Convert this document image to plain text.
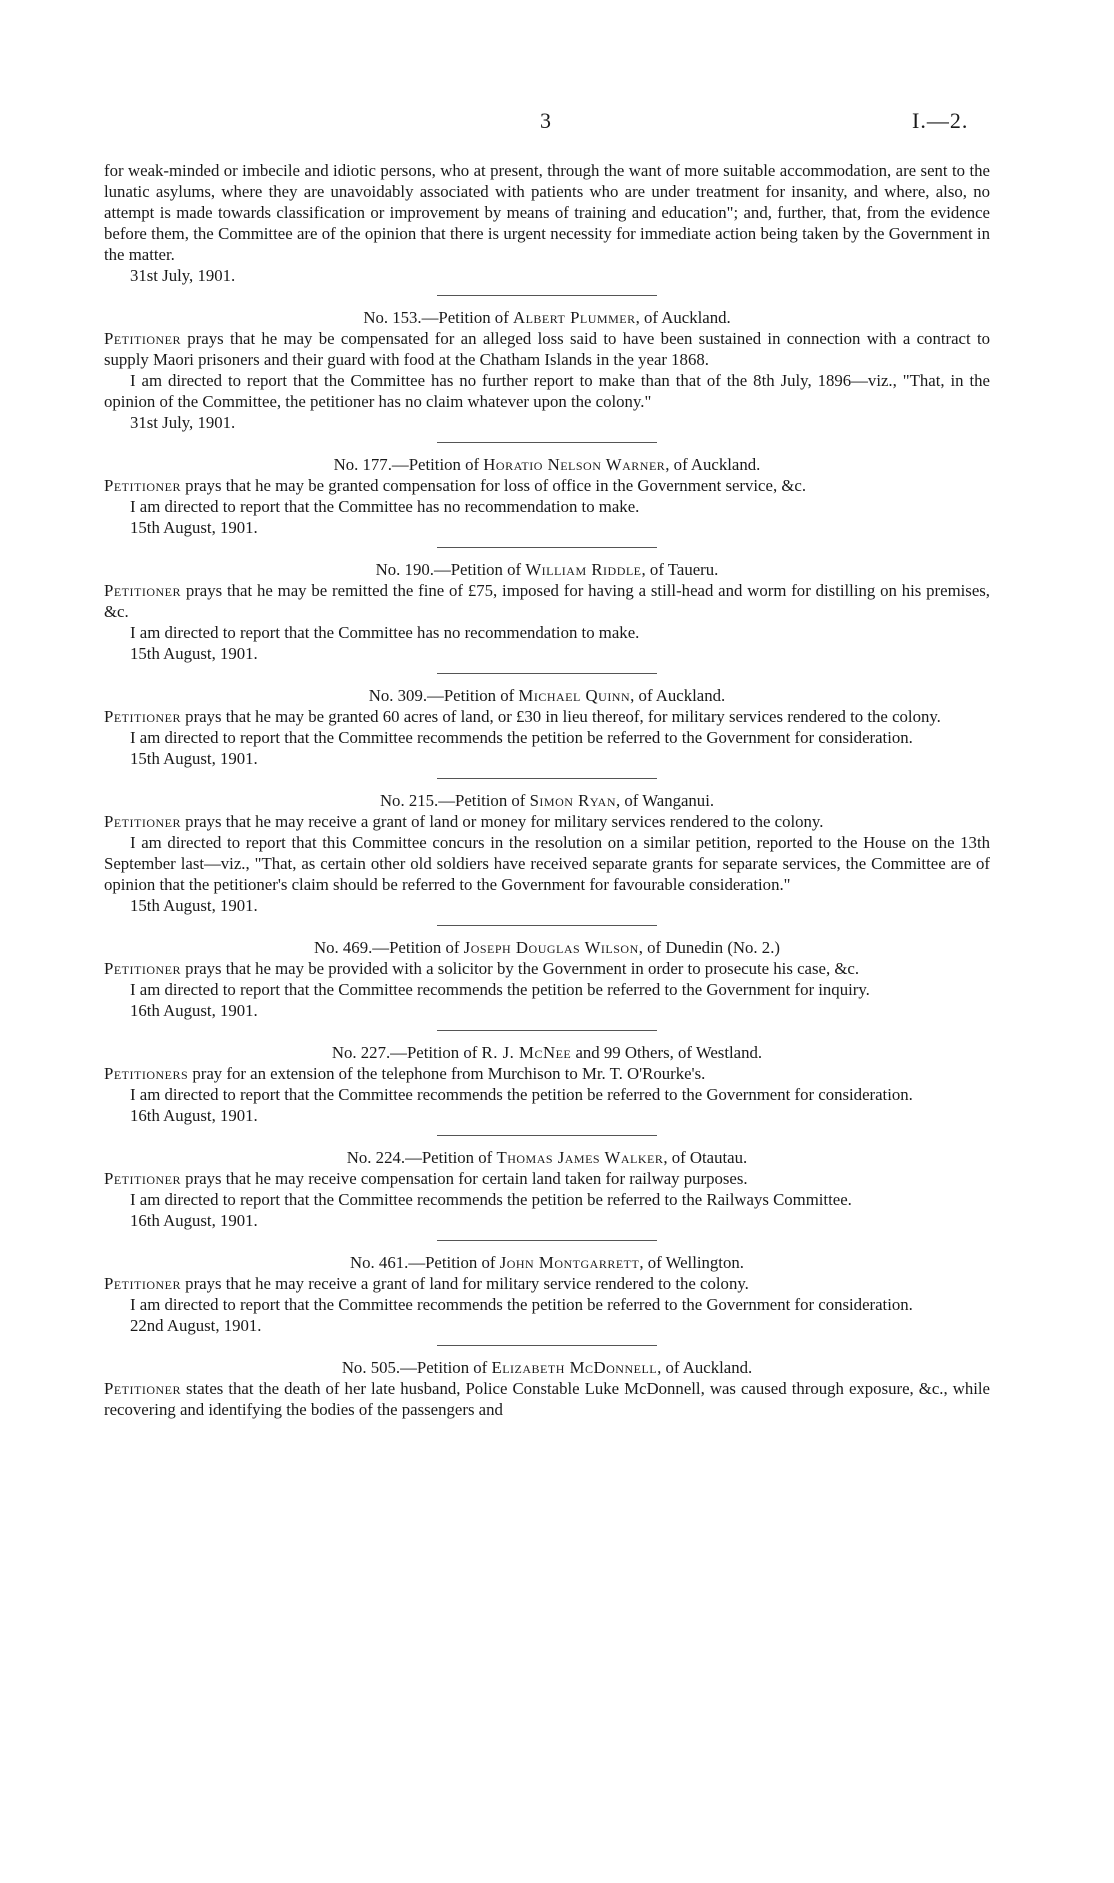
3	I.—2.

for weak-minded or imbecile and idiotic persons, who at present, through the want of more suitable accommodation, are sent to the lunatic asylums, where they are unavoidably associated with patients who are under treatment for insanity, and where, also, no attempt is made towards classification or improvement by means of training and education"; and, further, that, from the evidence before them, the Committee are of the opinion that there is urgent necessity for immediate action being taken by the Government in the matter.

31st July, 1901.

No. 153.—Petition of Albert Plummer, of Auckland.

Petitioner prays that he may be compensated for an alleged loss said to have been sustained in connection with a contract to supply Maori prisoners and their guard with food at the Chatham Islands in the year 1868.

I am directed to report that the Committee has no further report to make than that of the 8th July, 1896—viz., "That, in the opinion of the Committee, the petitioner has no claim whatever upon the colony."

31st July, 1901.

No. 177.—Petition of Horatio Nelson Warner, of Auckland.

Petitioner prays that he may be granted compensation for loss of office in the Government service, &c.

I am directed to report that the Committee has no recommendation to make.

15th August, 1901.

No. 190.—Petition of William Riddle, of Taueru.

Petitioner prays that he may be remitted the fine of £75, imposed for having a still-head and worm for distilling on his premises, &c.

I am directed to report that the Committee has no recommendation to make.

15th August, 1901.

No. 309.—Petition of Michael Quinn, of Auckland.

Petitioner prays that he may be granted 60 acres of land, or £30 in lieu thereof, for military services rendered to the colony.

I am directed to report that the Committee recommends the petition be referred to the Government for consideration.

15th August, 1901.

No. 215.—Petition of Simon Ryan, of Wanganui.

Petitioner prays that he may receive a grant of land or money for military services rendered to the colony.

I am directed to report that this Committee concurs in the resolution on a similar petition, reported to the House on the 13th September last—viz., "That, as certain other old soldiers have received separate grants for separate services, the Committee are of opinion that the petitioner's claim should be referred to the Government for favourable consideration."

15th August, 1901.

No. 469.—Petition of Joseph Douglas Wilson, of Dunedin (No. 2.)

Petitioner prays that he may be provided with a solicitor by the Government in order to prosecute his case, &c.

I am directed to report that the Committee recommends the petition be referred to the Government for inquiry.

16th August, 1901.

No. 227.—Petition of R. J. McNee and 99 Others, of Westland.

Petitioners pray for an extension of the telephone from Murchison to Mr. T. O'Rourke's.

I am directed to report that the Committee recommends the petition be referred to the Government for consideration.

16th August, 1901.

No. 224.—Petition of Thomas James Walker, of Otautau.

Petitioner prays that he may receive compensation for certain land taken for railway purposes.

I am directed to report that the Committee recommends the petition be referred to the Railways Committee.

16th August, 1901.

No. 461.—Petition of John Montgarrett, of Wellington.

Petitioner prays that he may receive a grant of land for military service rendered to the colony.

I am directed to report that the Committee recommends the petition be referred to the Government for consideration.

22nd August, 1901.

No. 505.—Petition of Elizabeth McDonnell, of Auckland.

Petitioner states that the death of her late husband, Police Constable Luke McDonnell, was caused through exposure, &c., while recovering and identifying the bodies of the passengers and
